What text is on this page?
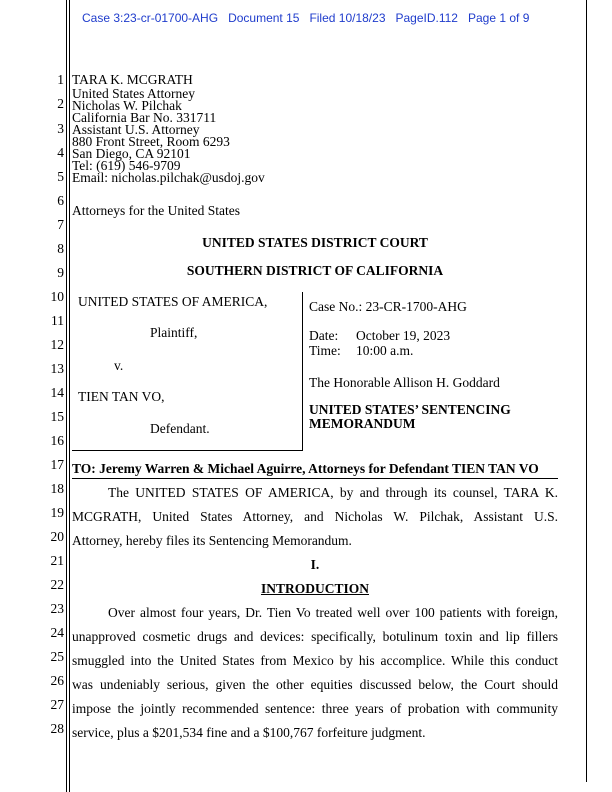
Case 3:23-cr-01700-AHG   Document 15   Filed 10/18/23   PageID.112   Page 1 of 9
1
2
3
4
5
6
7
8
9
10
11
12
13
14
15
16
17
18
19
20
21
22
23
24
25
26
27
28
TARA K. MCGRATH
United States Attorney
Nicholas W. Pilchak
California Bar No. 331711
Assistant U.S. Attorney
880 Front Street, Room 6293
San Diego, CA 92101
Tel: (619) 546-9709
Email: nicholas.pilchak@usdoj.gov
Attorneys for the United States
UNITED STATES DISTRICT COURT
SOUTHERN DISTRICT OF CALIFORNIA
UNITED STATES OF AMERICA,
Plaintiff,
v.
TIEN TAN VO,
Defendant.
Case No.: 23-CR-1700-AHG
Date: October 19, 2023
Time: 10:00 a.m.
The Honorable Allison H. Goddard
UNITED STATES’ SENTENCING
MEMORANDUM
TO: Jeremy Warren & Michael Aguirre, Attorneys for Defendant TIEN TAN VO
The UNITED STATES OF AMERICA, by and through its counsel, TARA K.
MCGRATH, United States Attorney, and Nicholas W. Pilchak, Assistant U.S.
Attorney, hereby files its Sentencing Memorandum.
I.
INTRODUCTION
Over almost four years, Dr. Tien Vo treated well over 100 patients with foreign,
unapproved cosmetic drugs and devices: specifically, botulinum toxin and lip fillers
smuggled into the United States from Mexico by his accomplice. While this conduct
was undeniably serious, given the other equities discussed below, the Court should
impose the jointly recommended sentence: three years of probation with community
service, plus a $201,534 fine and a $100,767 forfeiture judgment.
